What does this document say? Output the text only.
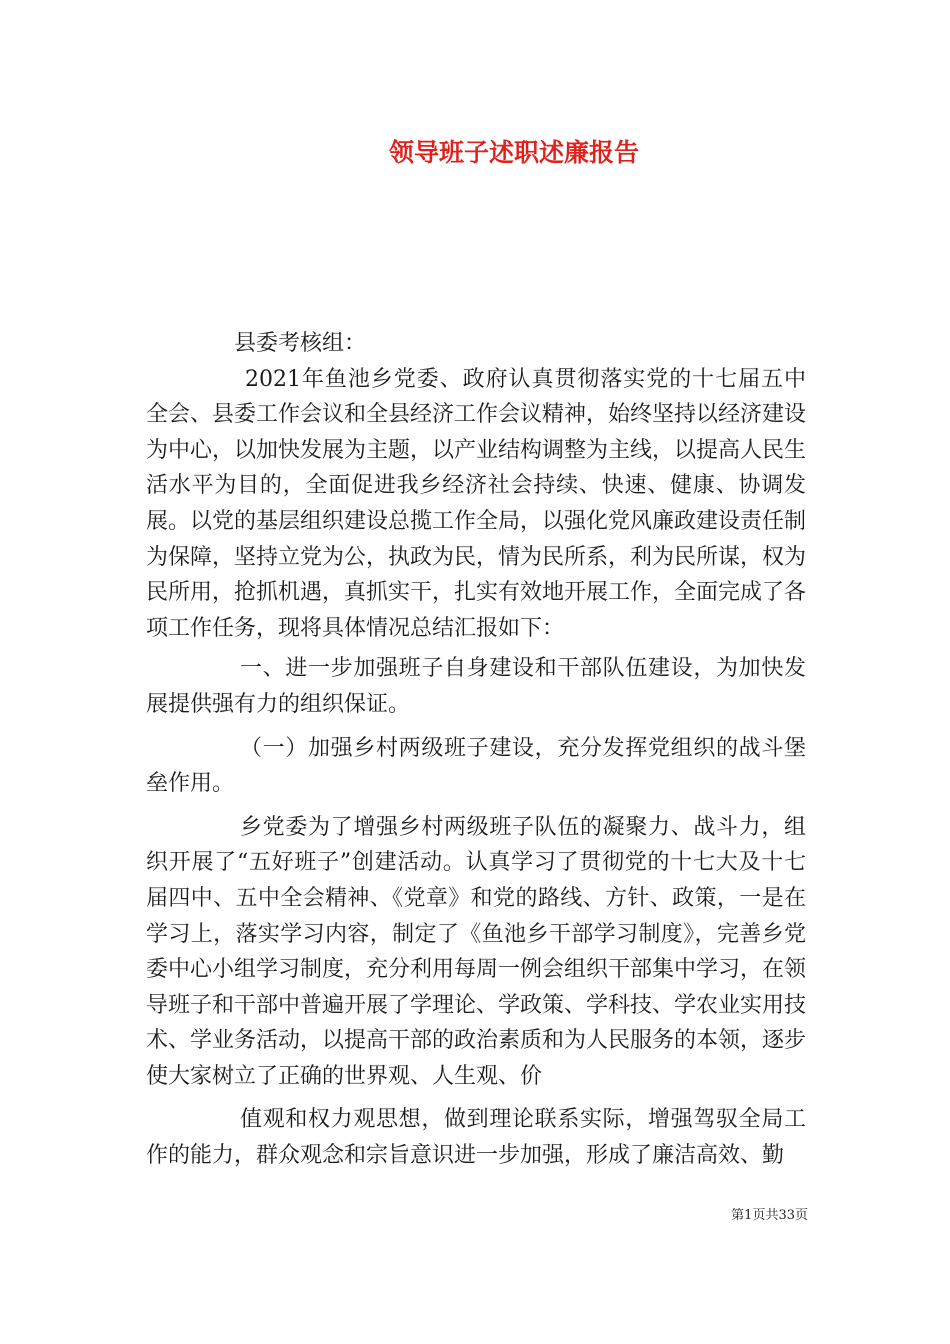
领导班子述职述廉报告

县委考核组：

2021年鱼池乡党委、政府认真贯彻落实党的十七届五中全会、县委工作会议和全县经济工作会议精神，始终坚持以经济建设为中心，以加快发展为主题，以产业结构调整为主线，以提高人民生活水平为目的，全面促进我乡经济社会持续、快速、健康、协调发展。以党的基层组织建设总揽工作全局，以强化党风廉政建设责任制为保障，坚持立党为公，执政为民，情为民所系，利为民所谋，权为民所用，抢抓机遇，真抓实干，扎实有效地开展工作，全面完成了各项工作任务，现将具体情况总结汇报如下：

一、进一步加强班子自身建设和干部队伍建设，为加快发展提供强有力的组织保证。

（一）加强乡村两级班子建设，充分发挥党组织的战斗堡垒作用。

乡党委为了增强乡村两级班子队伍的凝聚力、战斗力，组织开展了“五好班子”创建活动。认真学习了贯彻党的十七大及十七届四中、五中全会精神、《党章》和党的路线、方针、政策，一是在学习上，落实学习内容，制定了《鱼池乡干部学习制度》，完善乡党委中心小组学习制度，充分利用每周一例会组织干部集中学习，在领导班子和干部中普遍开展了学理论、学政策、学科技、学农业实用技术、学业务活动，以提高干部的政治素质和为人民服务的本领，逐步使大家树立了正确的世界观、人生观、价

值观和权力观思想，做到理论联系实际，增强驾驭全局工作的能力，群众观念和宗旨意识进一步加强，形成了廉洁高效、勤

第1页共33页
